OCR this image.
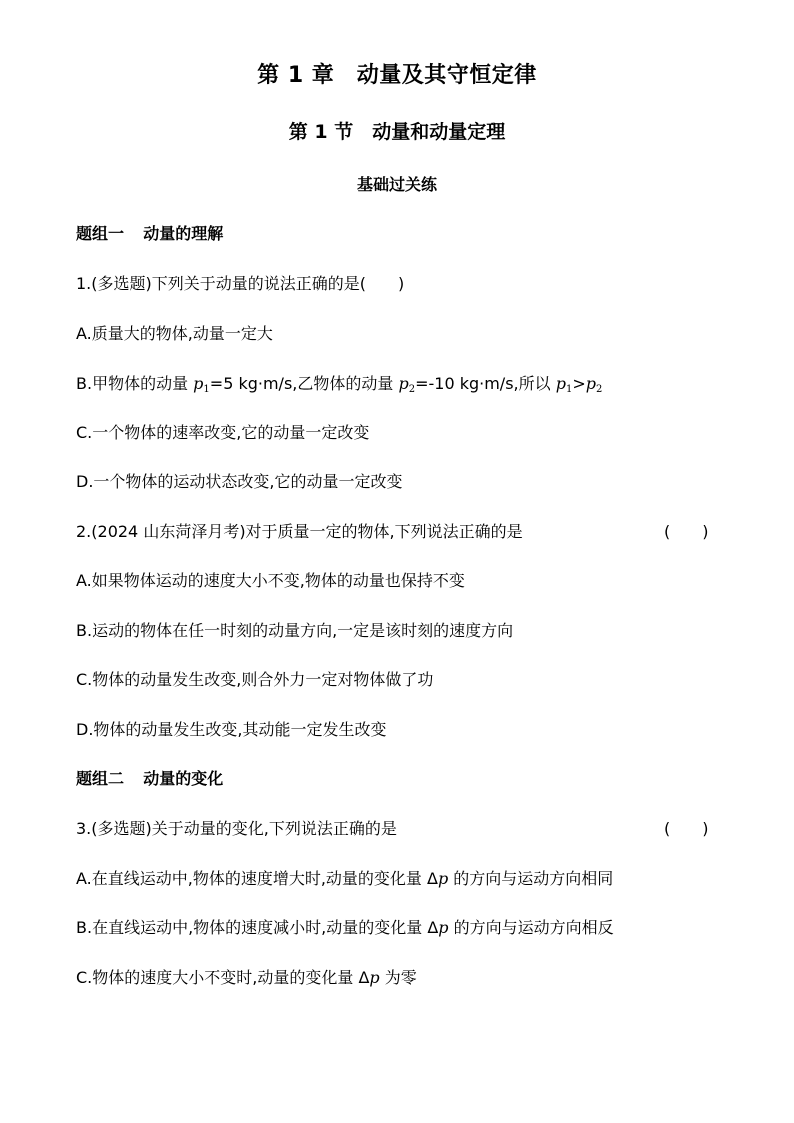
第 1 章　动量及其守恒定律
第 1 节　动量和动量定理
基础过关练
题组一 动量的理解
1.(多选题)下列关于动量的说法正确的是(　　)
A.质量大的物体,动量一定大
B.甲物体的动量 $p_1=5$ kg·m/s,乙物体的动量 $p_2=-10$ kg·m/s,所以 $p_1>p_2$
C.一个物体的速率改变,它的动量一定改变
D.一个物体的运动状态改变,它的动量一定改变
2.(2024 山东菏泽月考)对于质量一定的物体,下列说法正确的是	(　　)
A.如果物体运动的速度大小不变,物体的动量也保持不变
B.运动的物体在任一时刻的动量方向,一定是该时刻的速度方向
C.物体的动量发生改变,则合外力一定对物体做了功
D.物体的动量发生改变,其动能一定发生改变
题组二 动量的变化
3.(多选题)关于动量的变化,下列说法正确的是	(　　)
A.在直线运动中,物体的速度增大时,动量的变化量 Δp 的方向与运动方向相同
B.在直线运动中,物体的速度减小时,动量的变化量 Δp 的方向与运动方向相反
C.物体的速度大小不变时,动量的变化量 Δp 为零
